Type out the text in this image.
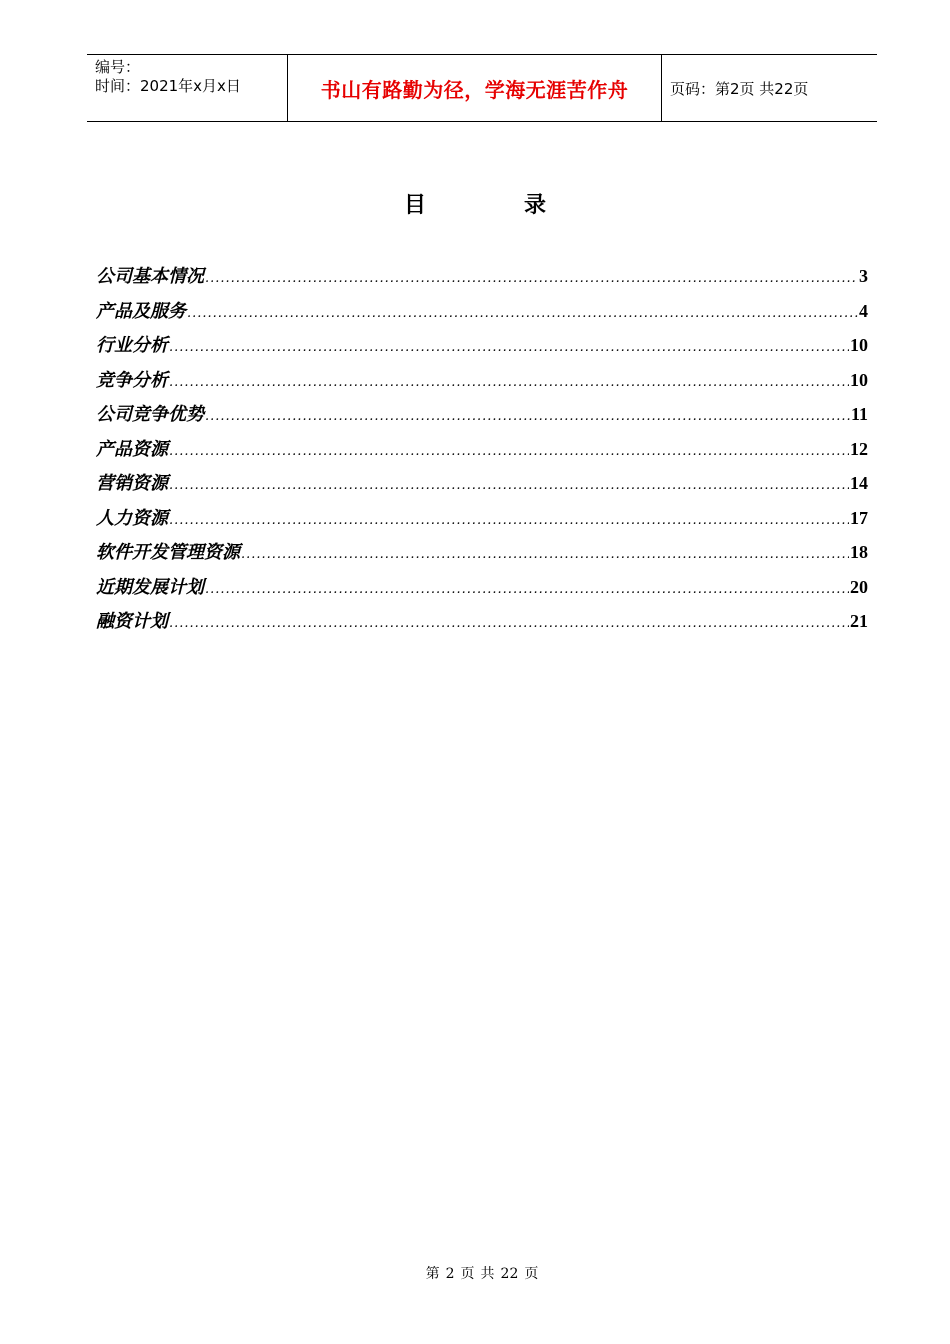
编号：
时间：2021年x月x日	书山有路勤为径，学海无涯苦作舟	页码：第2页 共22页
目	录
公司基本情况 .....	3
产品及服务 .....	4
行业分析 .....	10
竞争分析 .....	10
公司竞争优势 .....	11
产品资源 .....	12
营销资源 .....	14
人力资源 .....	17
软件开发管理资源 .....	18
近期发展计划 .....	20
融资计划 .....	21
第 2 页 共 22 页
